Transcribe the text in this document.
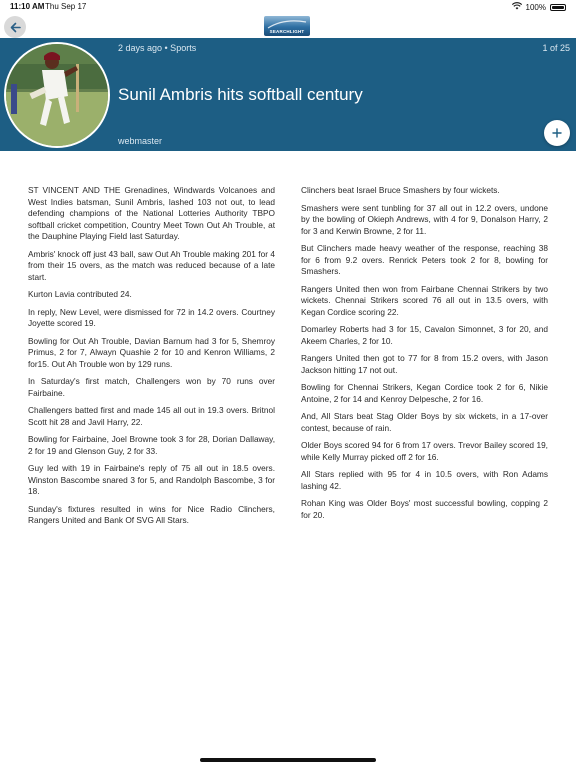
11:10 AM Thu Sep 17	100%
SEARCHLIGHT
2 days ago • Sports	1 of 25
Sunil Ambris hits softball century
webmaster

ST VINCENT AND THE Grenadines, Windwards Volcanoes and West Indies batsman, Sunil Ambris, lashed 103 not out, to lead defending champions of the National Lotteries Authority TBPO softball cricket competition, Country Meet Town Out Ah Trouble, at the Dauphine Playing Field last Saturday.

Ambris' knock off just 43 ball, saw Out Ah Trouble making 201 for 4 from their 15 overs, as the match was reduced because of a late start.

Kurton Lavia contributed 24.

In reply, New Level, were dismissed for 72 in 14.2 overs. Courtney Joyette scored 19.

Bowling for Out Ah Trouble, Davian Barnum had 3 for 5, Shemroy Primus, 2 for 7, Alwayn Quashie 2 for 10 and Kenron Williams, 2 for15. Out Ah Trouble won by 129 runs.

In Saturday's first match, Challengers won by 70 runs over Fairbaine.

Challengers batted first and made 145 all out in 19.3 overs. Britnol Scott hit 28 and Javil Harry, 22.

Bowling for Fairbaine, Joel Browne took 3 for 28, Dorian Dallaway, 2 for 19 and Glenson Guy, 2 for 33.

Guy led with 19 in Fairbaine's reply of 75 all out in 18.5 overs. Winston Bascombe snared 3 for 5, and Randolph Bascombe, 3 for 18.

Sunday's fixtures resulted in wins for Nice Radio Clinchers, Rangers United and Bank Of SVG All Stars.

Clinchers beat Israel Bruce Smashers by four wickets.

Smashers were sent tunbling for 37 all out in 12.2 overs, undone by the bowling of Okieph Andrews, with 4 for 9, Donalson Harry, 2 for 3 and Kerwin Browne, 2 for 11.

But Clinchers made heavy weather of the response, reaching 38 for 6 from 9.2 overs. Renrick Peters took 2 for 8, bowling for Smashers.

Rangers United then won from Fairbane Chennai Strikers by two wickets. Chennai Strikers scored 76 all out in 13.5 overs, with Kegan Cordice scoring 22.

Domarley Roberts had 3 for 15, Cavalon Simonnet, 3 for 20, and Akeem Charles, 2 for 10.

Rangers United then got to 77 for 8 from 15.2 overs, with Jason Jackson hitting 17 not out.

Bowling for Chennai Strikers, Kegan Cordice took 2 for 6, Nikie Antoine, 2 for 14 and Kenroy Delpesche, 2 for 16.

And, All Stars beat Stag Older Boys by six wickets, in a 17-over contest, because of rain.

Older Boys scored 94 for 6 from 17 overs. Trevor Bailey scored 19, while Kelly Murray picked off 2 for 16.

All Stars replied with 95 for 4 in 10.5 overs, with Ron Adams lashing 42.

Rohan King was Older Boys' most successful bowling, copping 2 for 20.
